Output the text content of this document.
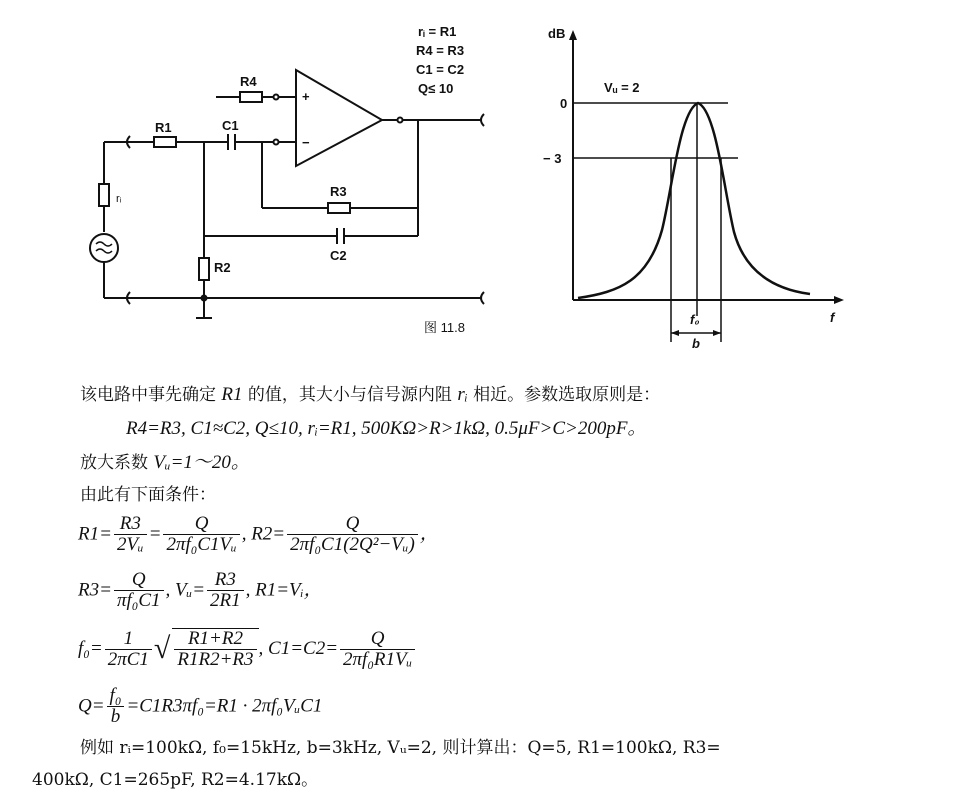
R4
R1	C1
R3
C2
R2
rᵢ
+
−
rᵢ = R1
R4 = R3
C1 = C2
Q≤ 10
图 11.8
dB
0
− 3
Vᵤ = 2
f₀
b
f
该电路中事先确定 R1 的值，其大小与信号源内阻 rᵢ 相近。参数选取原则是：
R4=R3, C1≈C2, Q≤10, rᵢ=R1, 500KΩ>R>1kΩ, 0.5μF>C>200pF。
放大系数 Vᵤ=1～20。
由此有下面条件：
$R1= \frac{R3}{\text{2Vᵤ}} = \frac{Q}{\text{2πf₀C1Vᵤ}}$ , $R2= \frac{Q}{\text{2πf₀C1(2Q²−Vᵤ)}}$ ，
$R3= \frac{Q}{\text{πf₀C1}}$ , Vᵤ= $\frac{R3}{2R1}$ , R1=Vᵢ，
$f_0= \frac{1}{2\pi C1}$ √ $\frac{R1+R2}{R1R2+R3}$ , $C1=C2= \frac{Q}{\text{2πf₀R1Vᵤ}}$
$Q= \frac{\text{f₀}}{b} =C1R3\pi f_0=R1$ · 2πf₀VᵤC1
例如 rᵢ=100kΩ, f₀=15kHz, b=3kHz, Vᵤ=2, 则计算出：Q=5, R1=100kΩ, R3=
400kΩ, C1=265pF, R2=4.17kΩ。
